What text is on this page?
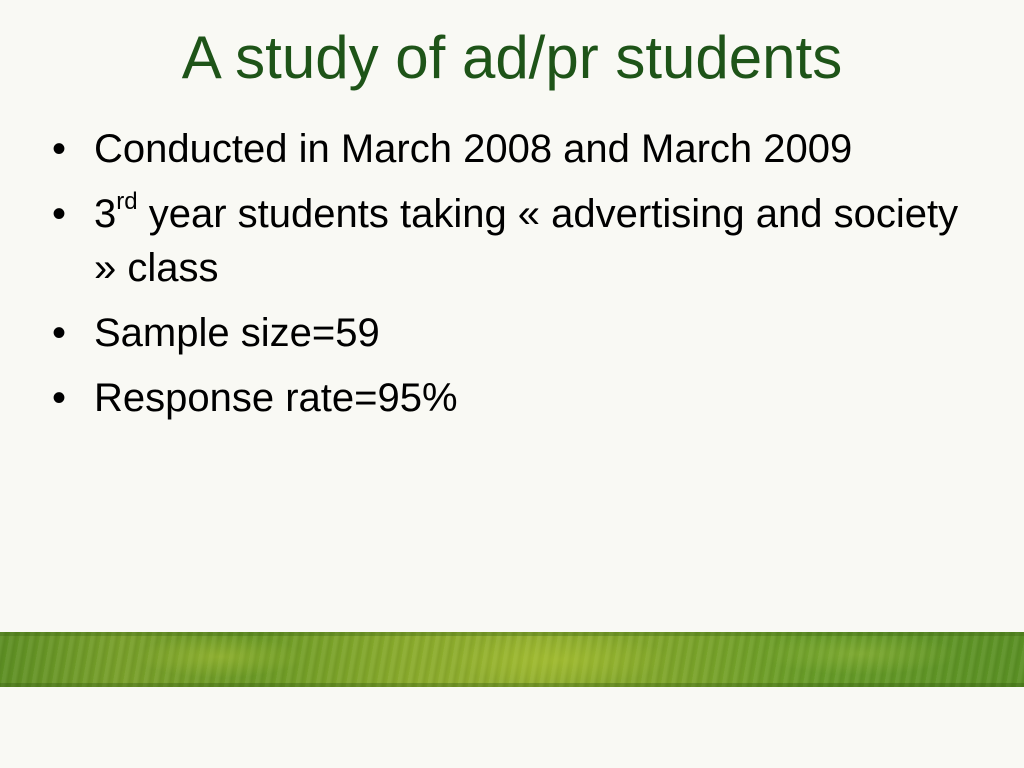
A study of ad/pr students
• Conducted in March 2008 and March 2009
• 3rd year students taking « advertising and society » class
• Sample size=59
• Response rate=95%
